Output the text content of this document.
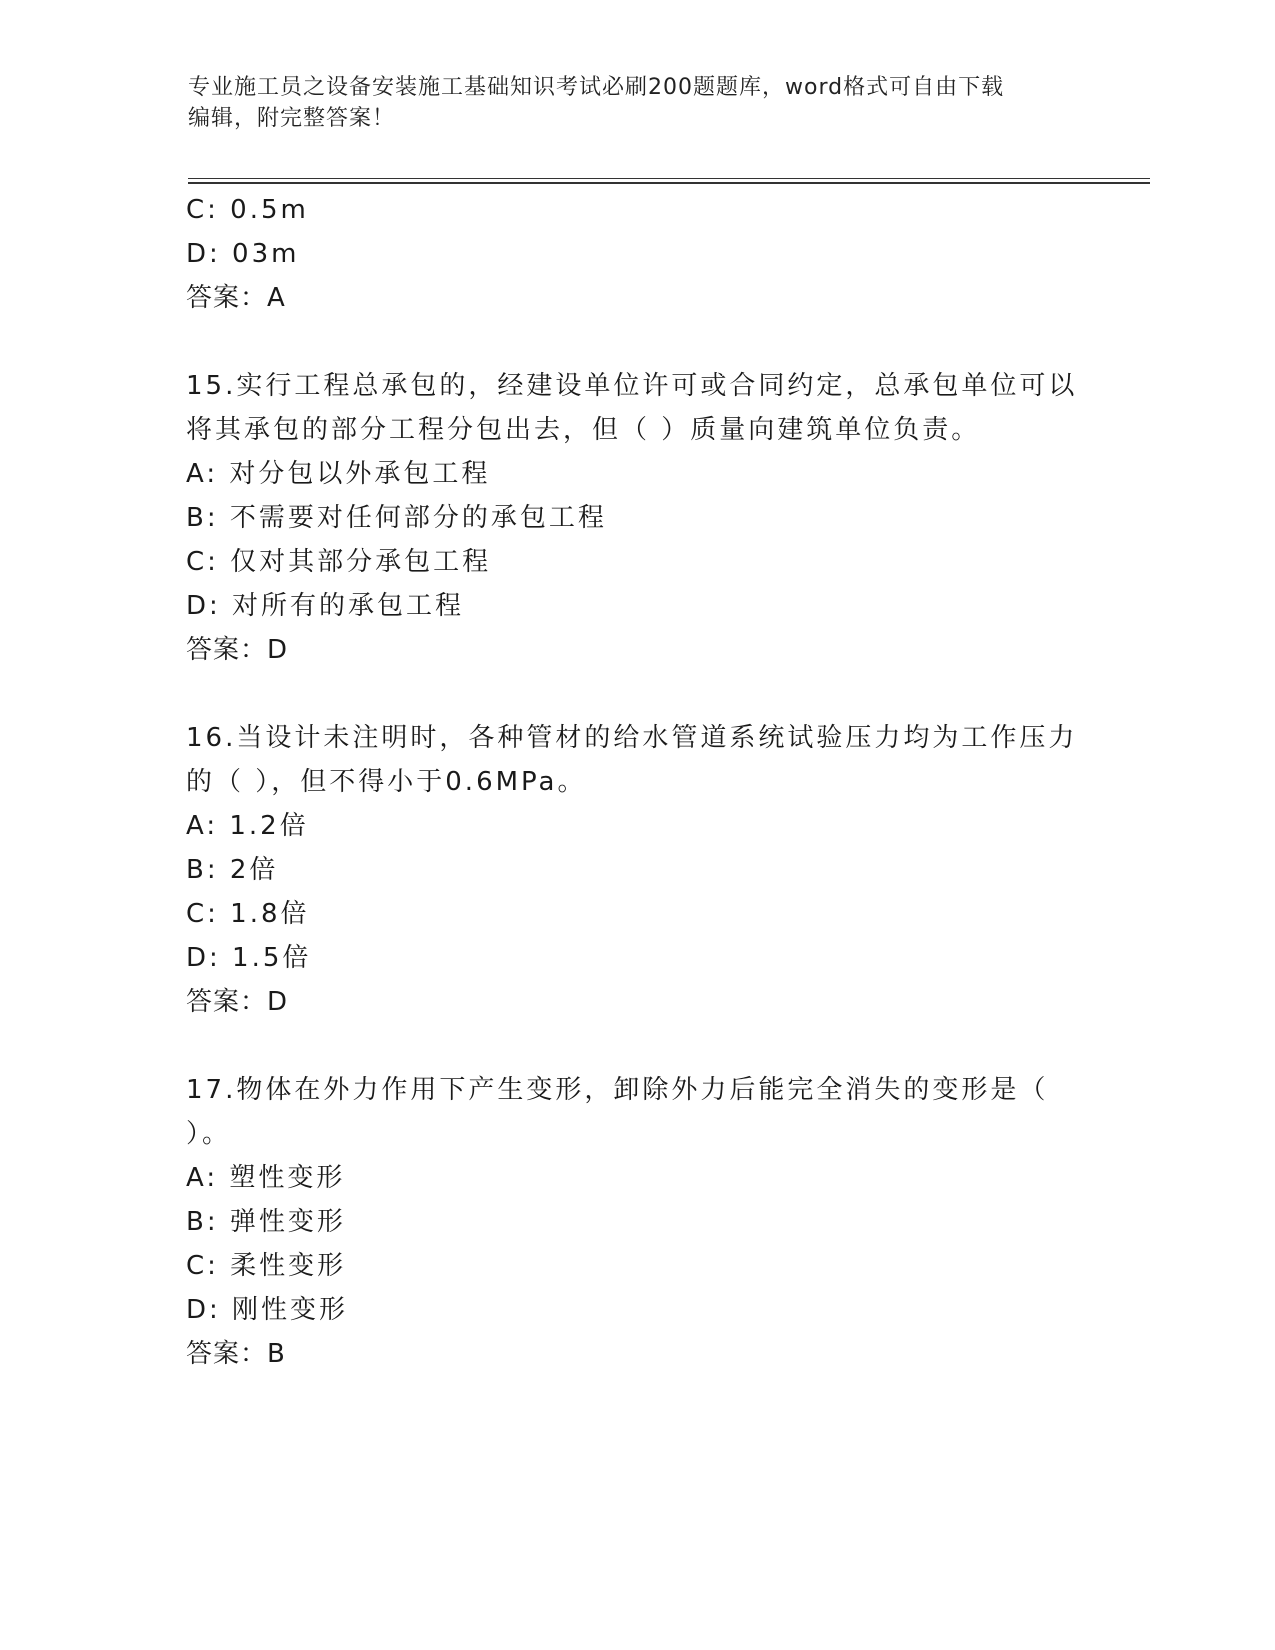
专业施工员之设备安装施工基础知识考试必刷200题题库，word格式可自由下载
编辑，附完整答案！
C: 0.5m
D: 03m
答案：A
15.实行工程总承包的，经建设单位许可或合同约定，总承包单位可以
将其承包的部分工程分包出去，但（ ）质量向建筑单位负责。
A: 对分包以外承包工程
B: 不需要对任何部分的承包工程
C: 仅对其部分承包工程
D: 对所有的承包工程
答案：D
16.当设计未注明时，各种管材的给水管道系统试验压力均为工作压力
的（ ），但不得小于0.6MPa。
A: 1.2倍
B: 2倍
C: 1.8倍
D: 1.5倍
答案：D
17.物体在外力作用下产生变形，卸除外力后能完全消失的变形是（
）。
A: 塑性变形
B: 弹性变形
C: 柔性变形
D: 刚性变形
答案：B
